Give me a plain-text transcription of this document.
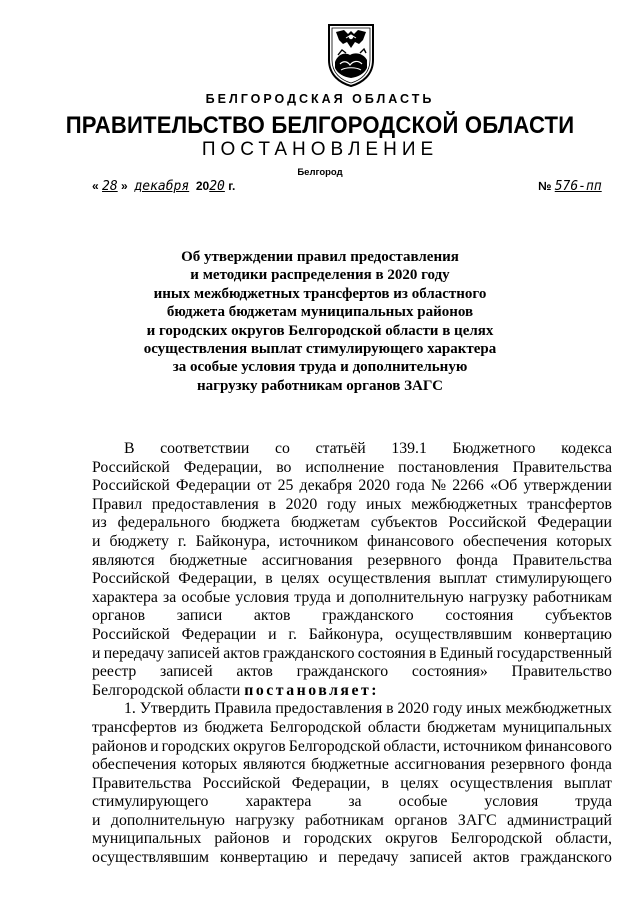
БЕЛГОРОДСКАЯ ОБЛАСТЬ
ПРАВИТЕЛЬСТВО БЕЛГОРОДСКОЙ ОБЛАСТИ
ПОСТАНОВЛЕНИЕ
Белгород
« 28 » декабря 2020 г.	№ 576-пп
Об утверждении правил предоставления
и методики распределения в 2020 году
иных межбюджетных трансфертов из областного
бюджета бюджетам муниципальных районов
и городских округов Белгородской области в целях
осуществления выплат стимулирующего характера
за особые условия труда и дополнительную
нагрузку работникам органов ЗАГС
В соответствии со статьёй 139.1 Бюджетного кодекса
Российской Федерации, во исполнение постановления Правительства
Российской Федерации от 25 декабря 2020 года № 2266 «Об утверждении
Правил предоставления в 2020 году иных межбюджетных трансфертов
из федерального бюджета бюджетам субъектов Российской Федерации
и бюджету г. Байконура, источником финансового обеспечения которых
являются бюджетные ассигнования резервного фонда Правительства
Российской Федерации, в целях осуществления выплат стимулирующего
характера за особые условия труда и дополнительную нагрузку работникам
органов записи актов гражданского состояния субъектов
Российской Федерации и г. Байконура, осуществлявшим конвертацию
и передачу записей актов гражданского состояния в Единый государственный
реестр записей актов гражданского состояния» Правительство
Белгородской области
постановляет:
1. Утвердить Правила предоставления в 2020 году иных межбюджетных
трансфертов из бюджета Белгородской области бюджетам муниципальных
районов и городских округов Белгородской области, источником финансового
обеспечения которых являются бюджетные ассигнования резервного фонда
Правительства Российской Федерации, в целях осуществления выплат
стимулирующего характера за особые условия труда
и дополнительную нагрузку работникам органов ЗАГС администраций
муниципальных районов и городских округов Белгородской области,
осуществлявшим конвертацию и передачу записей актов гражданского
